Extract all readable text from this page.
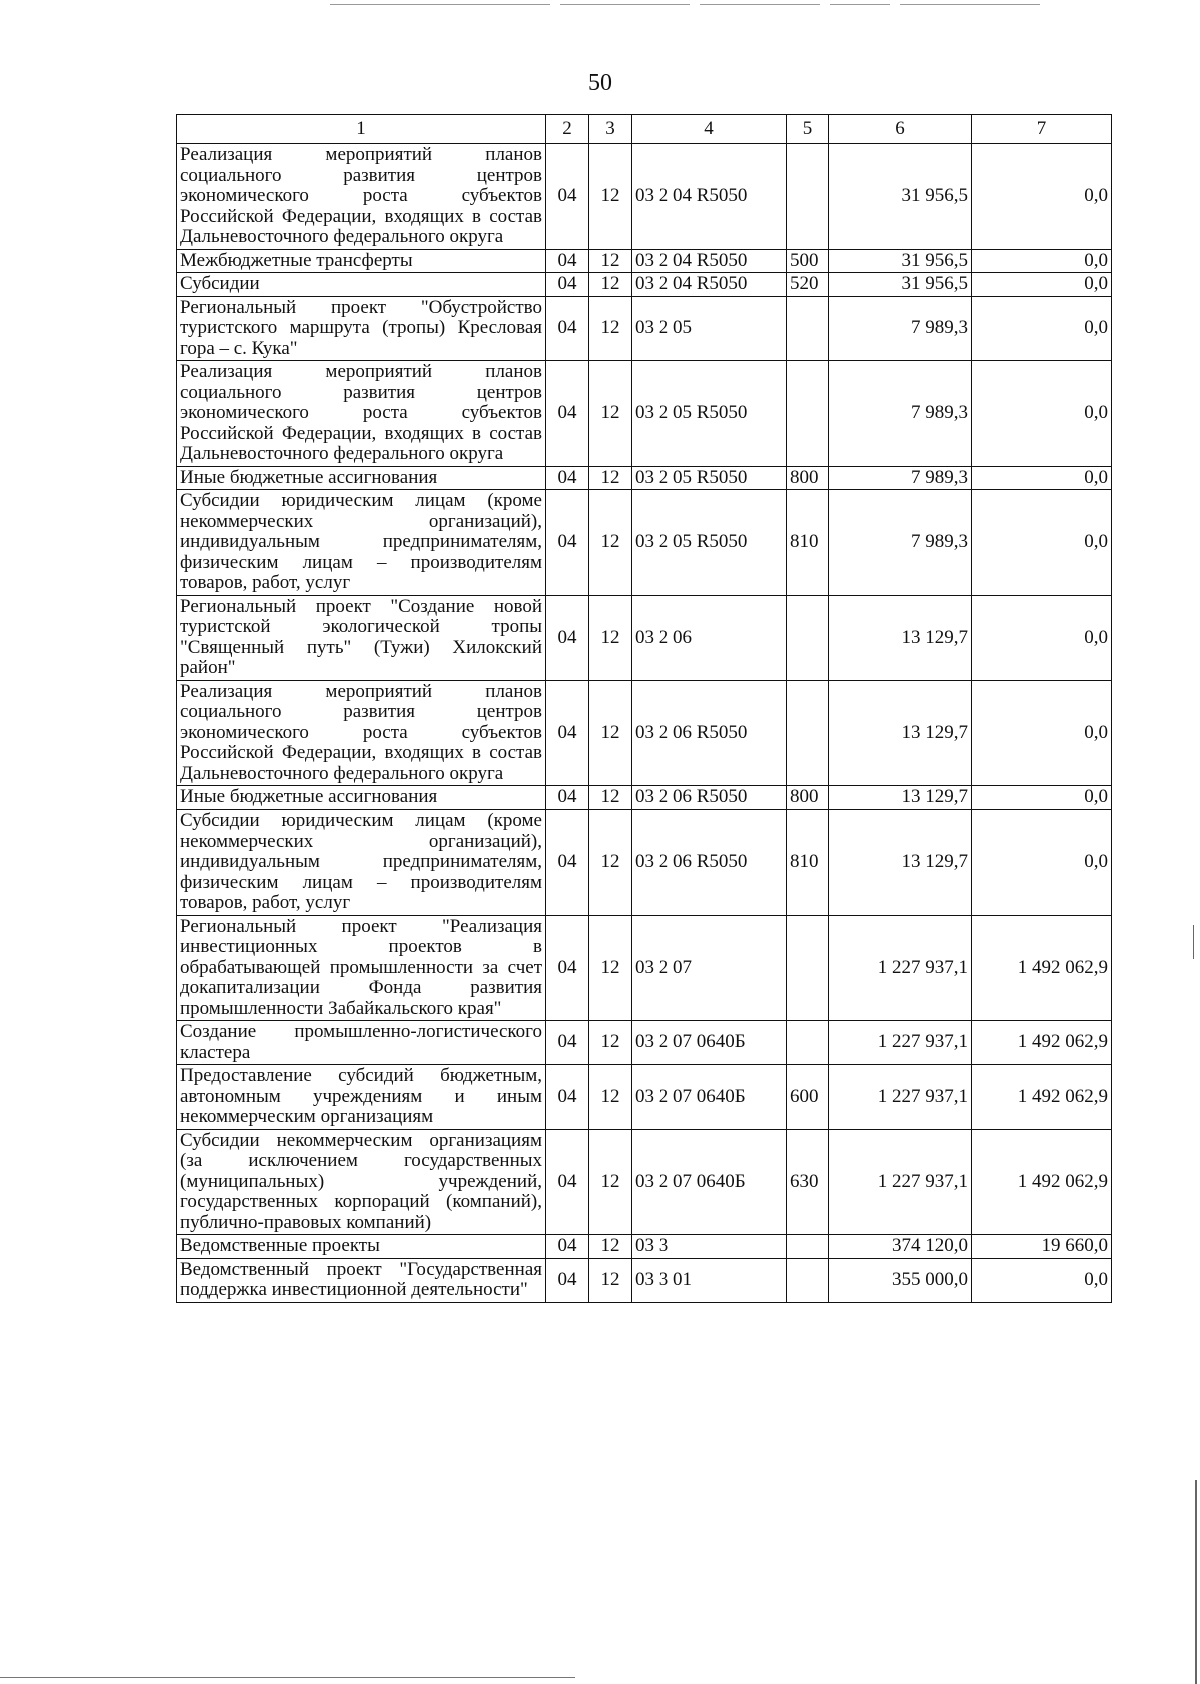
50
1	2	3	4	5	6	7
Реализация мероприятий планов социального развития центров экономического роста субъектов Российской Федерации, входящих в состав Дальневосточного федерального округа	04	12	03 2 04 R5050		31 956,5	0,0
Межбюджетные трансферты	04	12	03 2 04 R5050	500	31 956,5	0,0
Субсидии	04	12	03 2 04 R5050	520	31 956,5	0,0
Региональный проект "Обустройство туристского маршрута (тропы) Кресловая гора – с. Кука"	04	12	03 2 05		7 989,3	0,0
Реализация мероприятий планов социального развития центров экономического роста субъектов Российской Федерации, входящих в состав Дальневосточного федерального округа	04	12	03 2 05 R5050		7 989,3	0,0
Иные бюджетные ассигнования	04	12	03 2 05 R5050	800	7 989,3	0,0
Субсидии юридическим лицам (кроме некоммерческих организаций), индивидуальным предпринимателям, физическим лицам – производителям товаров, работ, услуг	04	12	03 2 05 R5050	810	7 989,3	0,0
Региональный проект "Создание новой туристской экологической тропы "Священный путь" (Тужи) Хилокский район"	04	12	03 2 06		13 129,7	0,0
Реализация мероприятий планов социального развития центров экономического роста субъектов Российской Федерации, входящих в состав Дальневосточного федерального округа	04	12	03 2 06 R5050		13 129,7	0,0
Иные бюджетные ассигнования	04	12	03 2 06 R5050	800	13 129,7	0,0
Субсидии юридическим лицам (кроме некоммерческих организаций), индивидуальным предпринимателям, физическим лицам – производителям товаров, работ, услуг	04	12	03 2 06 R5050	810	13 129,7	0,0
Региональный проект "Реализация инвестиционных проектов в обрабатывающей промышленности за счет докапитализации Фонда развития промышленности Забайкальского края"	04	12	03 2 07		1 227 937,1	1 492 062,9
Создание промышленно-логистического кластера	04	12	03 2 07 0640Б		1 227 937,1	1 492 062,9
Предоставление субсидий бюджетным, автономным учреждениям и иным некоммерческим организациям	04	12	03 2 07 0640Б	600	1 227 937,1	1 492 062,9
Субсидии некоммерческим организациям (за исключением государственных (муниципальных) учреждений, государственных корпораций (компаний), публично-правовых компаний)	04	12	03 2 07 0640Б	630	1 227 937,1	1 492 062,9
Ведомственные проекты	04	12	03 3		374 120,0	19 660,0
Ведомственный проект "Государственная поддержка инвестиционной деятельности"	04	12	03 3 01		355 000,0	0,0
